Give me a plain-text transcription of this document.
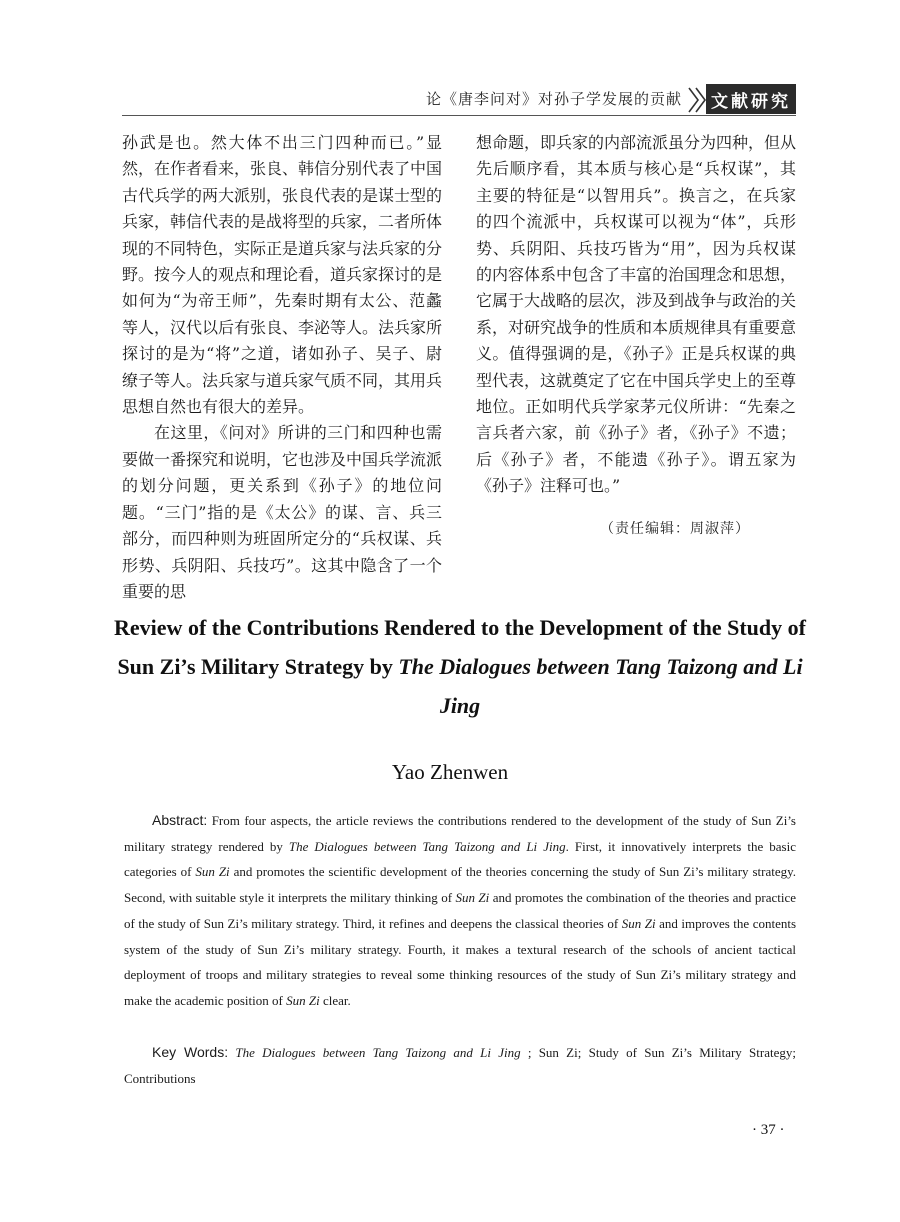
论《唐李问对》对孙子学发展的贡献 文献研究

孙武是也。然大体不出三门四种而已。”显然，在作者看来，张良、韩信分别代表了中国古代兵学的两大派别，张良代表的是谋士型的兵家，韩信代表的是战将型的兵家，二者所体现的不同特色，实际正是道兵家与法兵家的分野。按今人的观点和理论看，道兵家探讨的是如何为“为帝王师”，先秦时期有太公、范蠡等人，汉代以后有张良、李泌等人。法兵家所探讨的是为“将”之道，诸如孙子、吴子、尉缭子等人。法兵家与道兵家气质不同，其用兵思想自然也有很大的差异。

在这里，《问对》所讲的三门和四种也需要做一番探究和说明，它也涉及中国兵学流派的划分问题，更关系到《孙子》的地位问题。“三门”指的是《太公》的谋、言、兵三部分，而四种则为班固所定分的“兵权谋、兵形势、兵阴阳、兵技巧”。这其中隐含了一个重要的思

想命题，即兵家的内部流派虽分为四种，但从先后顺序看，其本质与核心是“兵权谋”，其主要的特征是“以智用兵”。换言之，在兵家的四个流派中，兵权谋可以视为“体”，兵形势、兵阴阳、兵技巧皆为“用”，因为兵权谋的内容体系中包含了丰富的治国理念和思想，它属于大战略的层次，涉及到战争与政治的关系，对研究战争的性质和本质规律具有重要意义。值得强调的是，《孙子》正是兵权谋的典型代表，这就奠定了它在中国兵学史上的至尊地位。正如明代兵学家茅元仪所讲：“先秦之言兵者六家，前《孙子》者，《孙子》不遗；后《孙子》者，不能遗《孙子》。谓五家为《孙子》注释可也。”

（责任编辑：周淑萍）
Review of the Contributions Rendered to the Development of the Study of Sun Zi’s Military Strategy by The Dialogues between Tang Taizong and Li Jing
Yao Zhenwen
Abstract: From four aspects, the article reviews the contributions rendered to the development of the study of Sun Zi’s military strategy rendered by The Dialogues between Tang Taizong and Li Jing. First, it innovatively interprets the basic categories of Sun Zi and promotes the scientific development of the theories concerning the study of Sun Zi’s military strategy. Second, with suitable style it interprets the military thinking of Sun Zi and promotes the combination of the theories and practice of the study of Sun Zi’s military strategy. Third, it refines and deepens the classical theories of Sun Zi and improves the contents system of the study of Sun Zi’s military strategy. Fourth, it makes a textural research of the schools of ancient tactical deployment of troops and military strategies to reveal some thinking resources of the study of Sun Zi’s military strategy and make the academic position of Sun Zi clear.
Key Words: The Dialogues between Tang Taizong and Li Jing ; Sun Zi; Study of Sun Zi’s Military Strategy; Contributions
· 37 ·
